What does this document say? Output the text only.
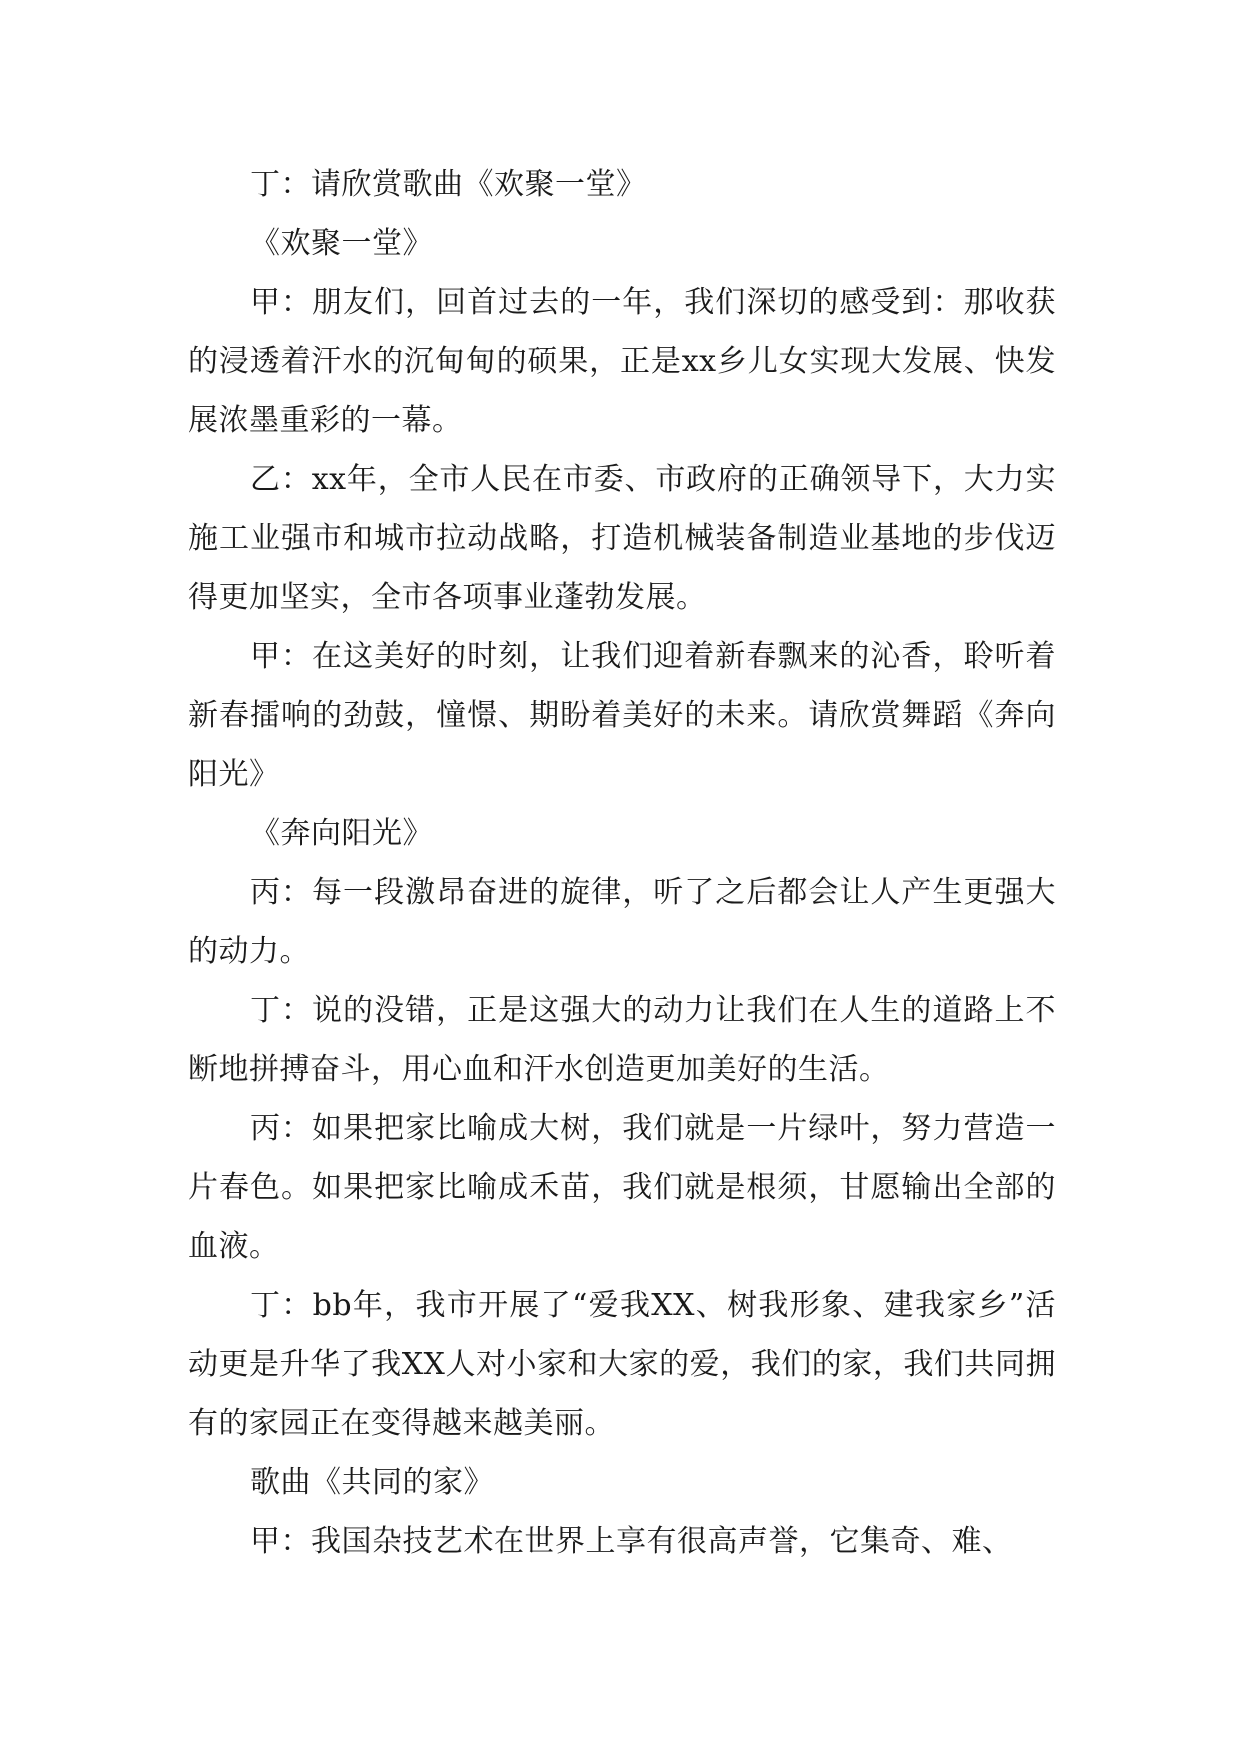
丁：请欣赏歌曲《欢聚一堂》

《欢聚一堂》

甲：朋友们，回首过去的一年，我们深切的感受到：那收获的浸透着汗水的沉甸甸的硕果，正是xx乡儿女实现大发展、快发展浓墨重彩的一幕。

乙：xx年，全市人民在市委、市政府的正确领导下，大力实施工业强市和城市拉动战略，打造机械装备制造业基地的步伐迈得更加坚实，全市各项事业蓬勃发展。

甲：在这美好的时刻，让我们迎着新春飘来的沁香，聆听着新春擂响的劲鼓，憧憬、期盼着美好的未来。请欣赏舞蹈《奔向阳光》

《奔向阳光》

丙：每一段激昂奋进的旋律，听了之后都会让人产生更强大的动力。

丁：说的没错，正是这强大的动力让我们在人生的道路上不断地拼搏奋斗，用心血和汗水创造更加美好的生活。

丙：如果把家比喻成大树，我们就是一片绿叶，努力营造一片春色。如果把家比喻成禾苗，我们就是根须，甘愿输出全部的血液。

丁：bb年，我市开展了“爱我XX、树我形象、建我家乡”活动更是升华了我XX人对小家和大家的爱，我们的家，我们共同拥有的家园正在变得越来越美丽。

歌曲《共同的家》

甲：我国杂技艺术在世界上享有很高声誉，它集奇、难、
